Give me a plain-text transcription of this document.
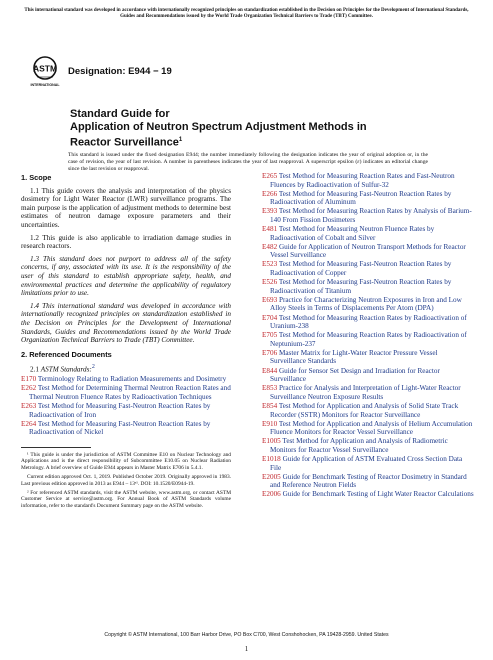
This international standard was developed in accordance with internationally recognized principles on standardization established in the Decision on Principles for the Development of International Standards, Guides and Recommendations issued by the World Trade Organization Technical Barriers to Trade (TBT) Committee.
ASTM
INTERNATIONAL
Designation: E944 − 19
Standard Guide for
Application of Neutron Spectrum Adjustment Methods in
Reactor Surveillance$^1$
This standard is issued under the fixed designation E944; the number immediately following the designation indicates the year of original adoption or, in the case of revision, the year of last revision. A number in parentheses indicates the year of last reapproval. A superscript epsilon (ε) indicates an editorial change since the last revision or reapproval.
1. Scope

1.1 This guide covers the analysis and interpretation of the physics dosimetry for Light Water Reactor (LWR) surveillance programs. The main purpose is the application of adjustment methods to determine best estimates of neutron damage exposure parameters and their uncertainties.

1.2 This guide is also applicable to irradiation damage studies in research reactors.

1.3 This standard does not purport to address all of the safety concerns, if any, associated with its use. It is the responsibility of the user of this standard to establish appropriate safety, health, and environmental practices and determine the applicability of regulatory limitations prior to use.

1.4 This international standard was developed in accordance with internationally recognized principles on standardization established in the Decision on Principles for the Development of International Standards, Guides and Recommendations issued by the World Trade Organization Technical Barriers to Trade (TBT) Committee.

2. Referenced Documents
2.1 ASTM Standards:$^2$
E170 Terminology Relating to Radiation Measurements and Dosimetry
E262 Test Method for Determining Thermal Neutron Reaction Rates and Thermal Neutron Fluence Rates by Radioactivation Techniques
E263 Test Method for Measuring Fast-Neutron Reaction Rates by Radioactivation of Iron
E264 Test Method for Measuring Fast-Neutron Reaction Rates by Radioactivation of Nickel
¹ This guide is under the jurisdiction of ASTM Committee E10 on Nuclear Technology and Applications and is the direct responsibility of Subcommittee E10.05 on Nuclear Radiation Metrology. A brief overview of Guide E944 appears in Master Matrix E706 in 5.4.1.
Current edition approved Oct. 1, 2019. Published October 2019. Originally approved in 1983. Last previous edition approved in 2013 as E944 – 13ᵋ¹. DOI: 10.1520/E0944-19.
² For referenced ASTM standards, visit the ASTM website, www.astm.org, or contact ASTM Customer Service at service@astm.org. For Annual Book of ASTM Standards volume information, refer to the standard's Document Summary page on the ASTM website.
E265 Test Method for Measuring Reaction Rates and Fast-Neutron Fluences by Radioactivation of Sulfur-32
E266 Test Method for Measuring Fast-Neutron Reaction Rates by Radioactivation of Aluminum
E393 Test Method for Measuring Reaction Rates by Analysis of Barium-140 From Fission Dosimeters
E481 Test Method for Measuring Neutron Fluence Rates by Radioactivation of Cobalt and Silver
E482 Guide for Application of Neutron Transport Methods for Reactor Vessel Surveillance
E523 Test Method for Measuring Fast-Neutron Reaction Rates by Radioactivation of Copper
E526 Test Method for Measuring Fast-Neutron Reaction Rates by Radioactivation of Titanium
E693 Practice for Characterizing Neutron Exposures in Iron and Low Alloy Steels in Terms of Displacements Per Atom (DPA)
E704 Test Method for Measuring Reaction Rates by Radioactivation of Uranium-238
E705 Test Method for Measuring Reaction Rates by Radioactivation of Neptunium-237
E706 Master Matrix for Light-Water Reactor Pressure Vessel Surveillance Standards
E844 Guide for Sensor Set Design and Irradiation for Reactor Surveillance
E853 Practice for Analysis and Interpretation of Light-Water Reactor Surveillance Neutron Exposure Results
E854 Test Method for Application and Analysis of Solid State Track Recorder (SSTR) Monitors for Reactor Surveillance
E910 Test Method for Application and Analysis of Helium Accumulation Fluence Monitors for Reactor Vessel Surveillance
E1005 Test Method for Application and Analysis of Radiometric Monitors for Reactor Vessel Surveillance
E1018 Guide for Application of ASTM Evaluated Cross Section Data File
E2005 Guide for Benchmark Testing of Reactor Dosimetry in Standard and Reference Neutron Fields
E2006 Guide for Benchmark Testing of Light Water Reactor Calculations
Copyright © ASTM International, 100 Barr Harbor Drive, PO Box C700, West Conshohocken, PA 19428-2959. United States
1
